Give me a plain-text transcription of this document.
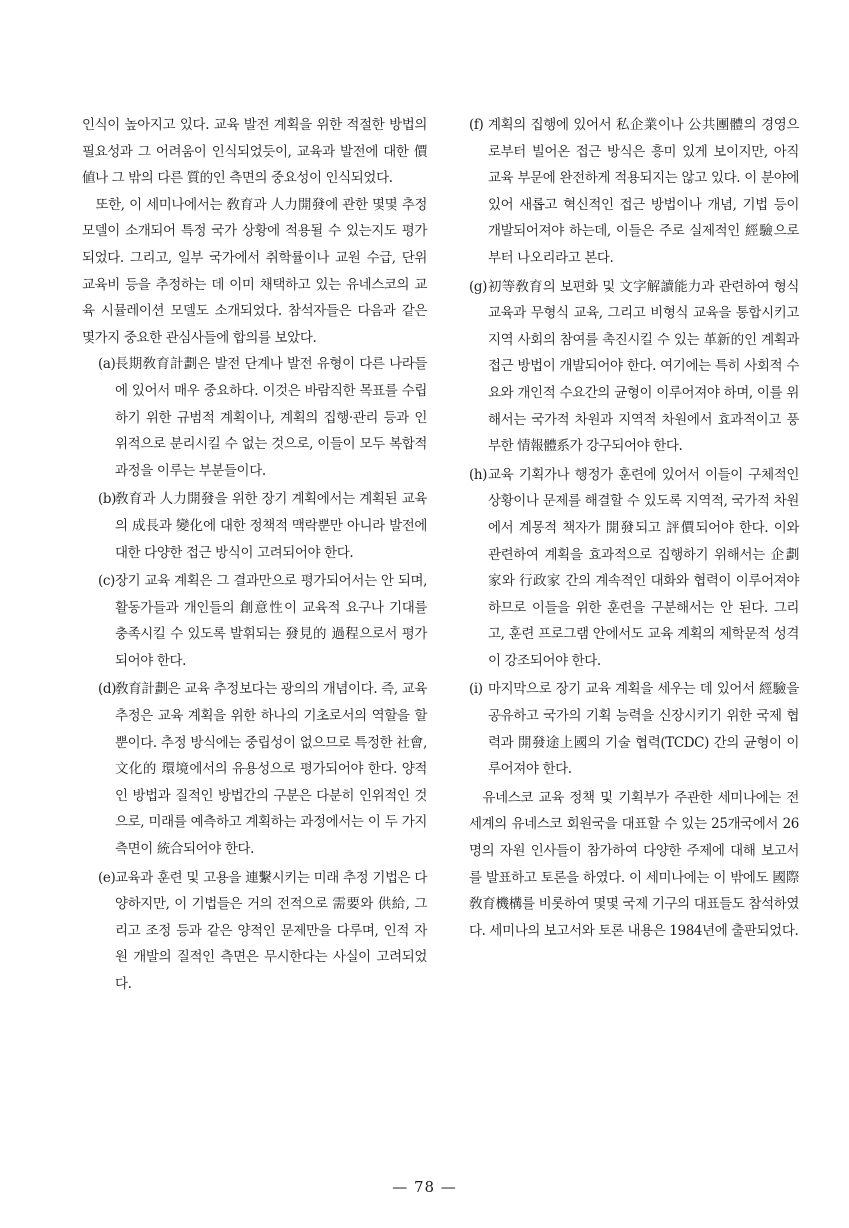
인식이 높아지고 있다. 교육 발전 계획을 위한 적절한 방법의 필요성과 그 어려움이 인식되었듯이, 교육과 발전에 대한 價値나 그 밖의 다른 質的인 측면의 중요성이 인식되었다.

또한, 이 세미나에서는 敎育과 人力開發에 관한 몇몇 추정 모델이 소개되어 특정 국가 상황에 적용될 수 있는지도 평가되었다. 그리고, 일부 국가에서 취학률이나 교원 수급, 단위 교육비 등을 추정하는 데 이미 채택하고 있는 유네스코의 교육 시뮬레이션 모델도 소개되었다. 참석자들은 다음과 같은 몇가지 중요한 관심사들에 합의를 보았다.

(a) 長期敎育計劃은 발전 단계나 발전 유형이 다른 나라들에 있어서 매우 중요하다. 이것은 바람직한 목표를 수립하기 위한 규범적 계획이나, 계획의 집행·관리 등과 인위적으로 분리시킬 수 없는 것으로, 이들이 모두 복합적 과정을 이루는 부분들이다.
(b) 敎育과 人力開發을 위한 장기 계획에서는 계획된 교육의 成長과 變化에 대한 정책적 맥락뿐만 아니라 발전에 대한 다양한 접근 방식이 고려되어야 한다.
(c) 장기 교육 계획은 그 결과만으로 평가되어서는 안 되며, 활동가들과 개인들의 創意性이 교육적 요구나 기대를 충족시킬 수 있도록 발휘되는 發見的 過程으로서 평가되어야 한다.
(d) 敎育計劃은 교육 추정보다는 광의의 개념이다. 즉, 교육 추정은 교육 계획을 위한 하나의 기초로서의 역할을 할 뿐이다. 추정 방식에는 중립성이 없으므로 특정한 社會, 文化的 環境에서의 유용성으로 평가되어야 한다. 양적인 방법과 질적인 방법간의 구분은 다분히 인위적인 것으로, 미래를 예측하고 계획하는 과정에서는 이 두 가지 측면이 統合되어야 한다.
(e) 교육과 훈련 및 고용을 連繫시키는 미래 추정 기법은 다양하지만, 이 기법들은 거의 전적으로 需要와 供給, 그리고 조정 등과 같은 양적인 문제만을 다루며, 인적 자원 개발의 질적인 측면은 무시한다는 사실이 고려되었다.
(f) 계획의 집행에 있어서 私企業이나 公共團體의 경영으로부터 빌어온 접근 방식은 흥미 있게 보이지만, 아직 교육 부문에 완전하게 적용되지는 않고 있다. 이 분야에 있어 새롭고 혁신적인 접근 방법이나 개념, 기법 등이 개발되어져야 하는데, 이들은 주로 실제적인 經驗으로부터 나오리라고 본다.
(g) 初等敎育의 보편화 및 文字解讀能力과 관련하여 형식 교육과 무형식 교육, 그리고 비형식 교육을 통합시키고 지역 사회의 참여를 촉진시킬 수 있는 革新的인 계획과 접근 방법이 개발되어야 한다. 여기에는 특히 사회적 수요와 개인적 수요간의 균형이 이루어져야 하며, 이를 위해서는 국가적 차원과 지역적 차원에서 효과적이고 풍부한 情報體系가 강구되어야 한다.
(h) 교육 기획가나 행정가 훈련에 있어서 이들이 구체적인 상황이나 문제를 해결할 수 있도록 지역적, 국가적 차원에서 계몽적 책자가 開發되고 評價되어야 한다. 이와 관련하여 계획을 효과적으로 집행하기 위해서는 企劃家와 行政家 간의 계속적인 대화와 협력이 이루어져야 하므로 이들을 위한 훈련을 구분해서는 안 된다. 그리고, 훈련 프로그램 안에서도 교육 계획의 제학문적 성격이 강조되어야 한다.
(i) 마지막으로 장기 교육 계획을 세우는 데 있어서 經驗을 공유하고 국가의 기획 능력을 신장시키기 위한 국제 협력과 開發途上國의 기술 협력(TCDC) 간의 균형이 이루어져야 한다.

유네스코 교육 정책 및 기획부가 주관한 세미나에는 전 세계의 유네스코 회원국을 대표할 수 있는 25개국에서 26명의 자원 인사들이 참가하여 다양한 주제에 대해 보고서를 발표하고 토론을 하였다. 이 세미나에는 이 밖에도 國際敎育機構를 비롯하여 몇몇 국제 기구의 대표들도 참석하였다. 세미나의 보고서와 토론 내용은 1984년에 출판되었다.

— 78 —
